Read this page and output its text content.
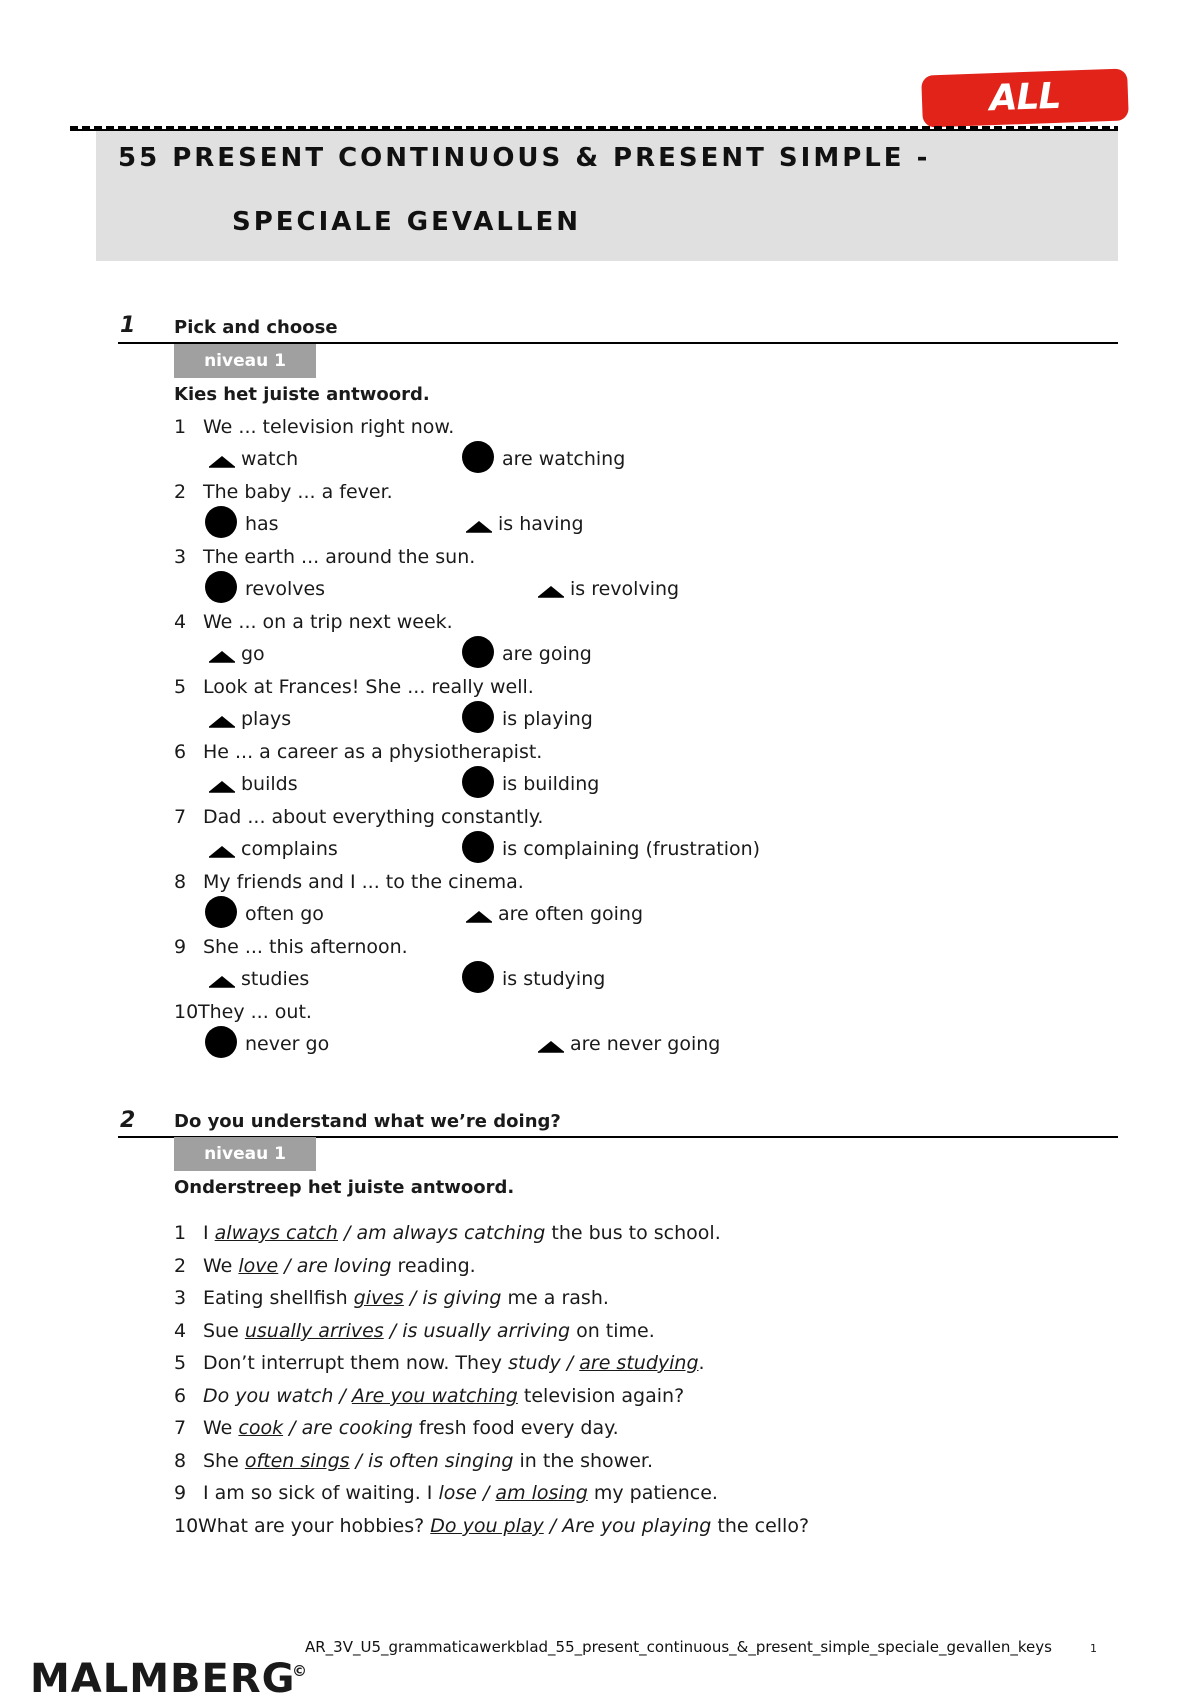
ALL
55 PRESENT CONTINUOUS & PRESENT SIMPLE -
SPECIALE GEVALLEN
1 Pick and choose
niveau 1
Kies het juiste antwoord.
1 We ... television right now.
watch	are watching
2 The baby ... a fever.
has	is having
3 The earth ... around the sun.
revolves	is revolving
4 We ... on a trip next week.
go	are going
5 Look at Frances! She ... really well.
plays	is playing
6 He ... a career as a physiotherapist.
builds	is building
7 Dad ... about everything constantly.
complains	is complaining (frustration)
8 My friends and I ... to the cinema.
often go	are often going
9 She ... this afternoon.
studies	is studying
10 They ... out.
never go	are never going
2 Do you understand what we’re doing?
niveau 1
Onderstreep het juiste antwoord.
1 I always catch / am always catching the bus to school.
2 We love / are loving reading.
3 Eating shellfish gives / is giving me a rash.
4 Sue usually arrives / is usually arriving on time.
5 Don’t interrupt them now. They study / are studying.
6 Do you watch / Are you watching television again?
7 We cook / are cooking fresh food every day.
8 She often sings / is often singing in the shower.
9 I am so sick of waiting. I lose / am losing my patience.
10 What are your hobbies? Do you play / Are you playing the cello?
AR_3V_U5_grammaticawerkblad_55_present_continuous_&_present_simple_speciale_gevallen_keys	1
MALMBERG
©
